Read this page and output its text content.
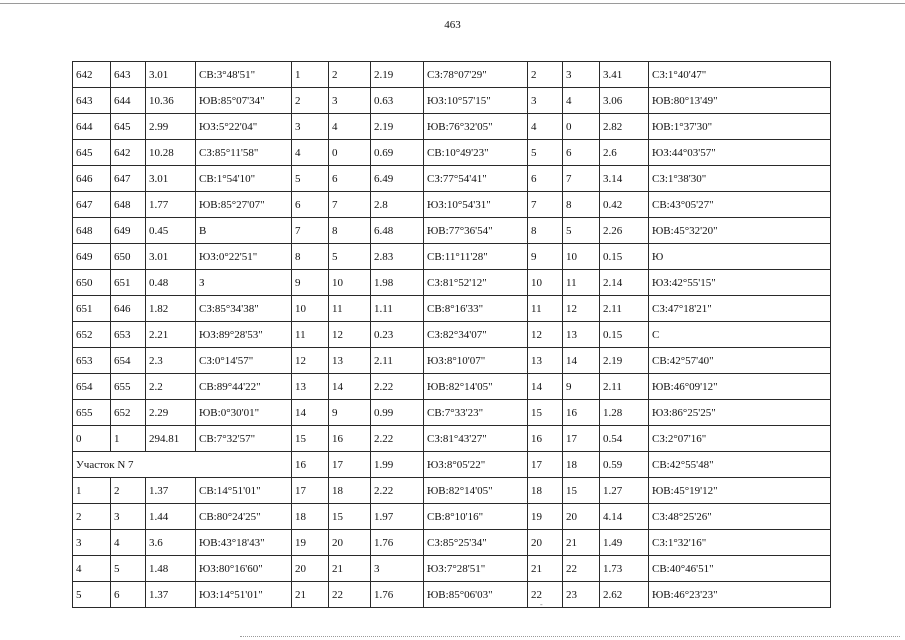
463
642	643	3.01	СВ:3°48'51"	1	2	2.19	СЗ:78°07'29"	2	3	3.41	СЗ:1°40'47"
643	644	10.36	ЮВ:85°07'34"	2	3	0.63	ЮЗ:10°57'15"	3	4	3.06	ЮВ:80°13'49"
644	645	2.99	ЮЗ:5°22'04"	3	4	2.19	ЮВ:76°32'05"	4	0	2.82	ЮВ:1°37'30"
645	642	10.28	СЗ:85°11'58"	4	0	0.69	СВ:10°49'23"	5	6	2.6	ЮЗ:44°03'57"
646	647	3.01	СВ:1°54'10"	5	6	6.49	СЗ:77°54'41"	6	7	3.14	СЗ:1°38'30"
647	648	1.77	ЮВ:85°27'07"	6	7	2.8	ЮЗ:10°54'31"	7	8	0.42	СВ:43°05'27"
648	649	0.45	В	7	8	6.48	ЮВ:77°36'54"	8	5	2.26	ЮВ:45°32'20"
649	650	3.01	ЮЗ:0°22'51"	8	5	2.83	СВ:11°11'28"	9	10	0.15	Ю
650	651	0.48	З	9	10	1.98	СЗ:81°52'12"	10	11	2.14	ЮЗ:42°55'15"
651	646	1.82	СЗ:85°34'38"	10	11	1.11	СВ:8°16'33"	11	12	2.11	СЗ:47°18'21"
652	653	2.21	ЮЗ:89°28'53"	11	12	0.23	СЗ:82°34'07"	12	13	0.15	С
653	654	2.3	СЗ:0°14'57"	12	13	2.11	ЮЗ:8°10'07"	13	14	2.19	СВ:42°57'40"
654	655	2.2	СВ:89°44'22"	13	14	2.22	ЮВ:82°14'05"	14	9	2.11	ЮВ:46°09'12"
655	652	2.29	ЮВ:0°30'01"	14	9	0.99	СВ:7°33'23"	15	16	1.28	ЮЗ:86°25'25"
0	1	294.81	СВ:7°32'57"	15	16	2.22	СЗ:81°43'27"	16	17	0.54	СЗ:2°07'16"
Участок N 7				16	17	1.99	ЮЗ:8°05'22"	17	18	0.59	СВ:42°55'48"
1	2	1.37	СВ:14°51'01"	17	18	2.22	ЮВ:82°14'05"	18	15	1.27	ЮВ:45°19'12"
2	3	1.44	СВ:80°24'25"	18	15	1.97	СВ:8°10'16"	19	20	4.14	СЗ:48°25'26"
3	4	3.6	ЮВ:43°18'43"	19	20	1.76	СЗ:85°25'34"	20	21	1.49	СЗ:1°32'16"
4	5	1.48	ЮЗ:80°16'60"	20	21	3	ЮЗ:7°28'51"	21	22	1.73	СВ:40°46'51"
5	6	1.37	ЮЗ:14°51'01"	21	22	1.76	ЮВ:85°06'03"	22	23	2.62	ЮВ:46°23'23"
-
